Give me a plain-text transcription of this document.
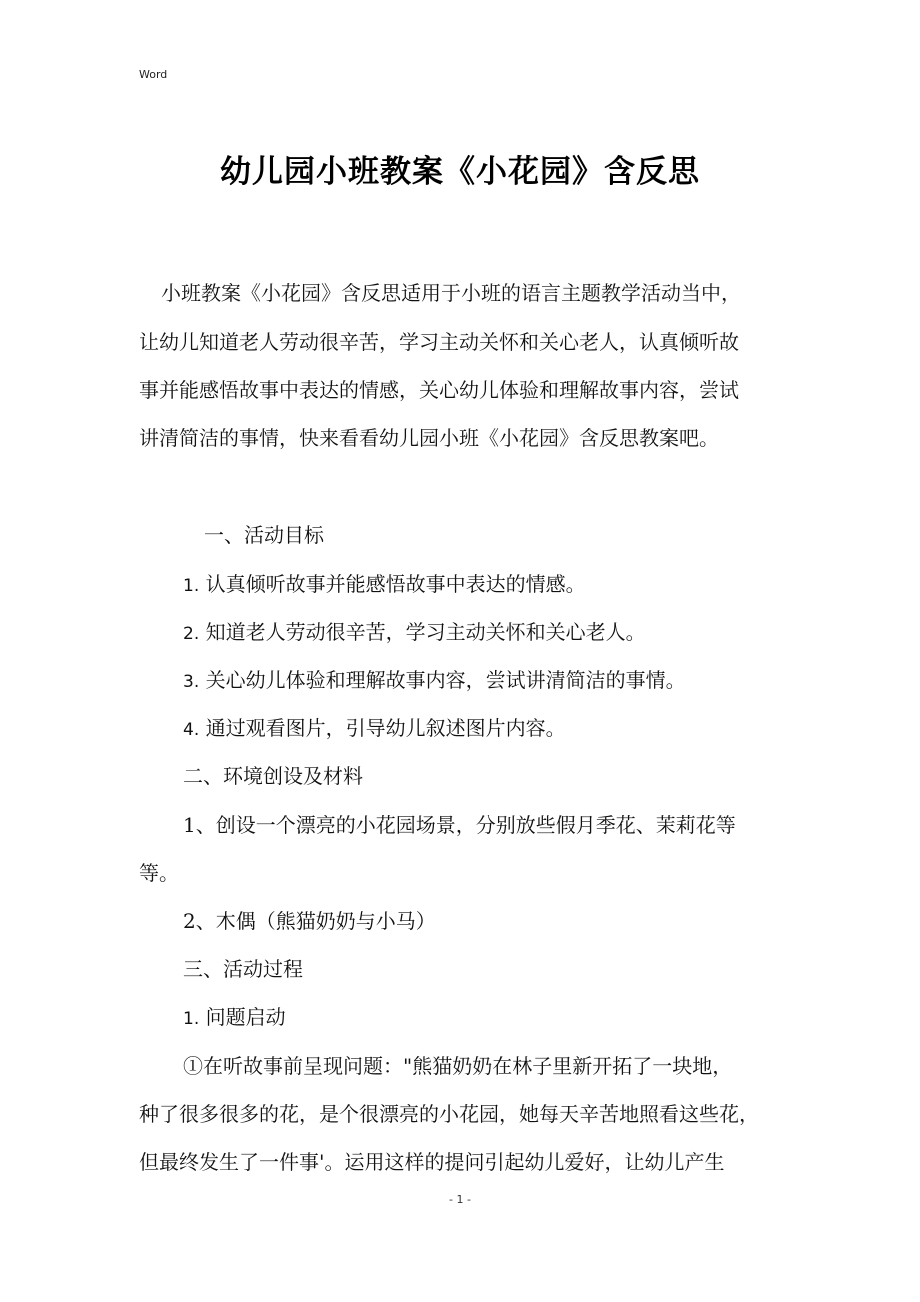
Word
幼儿园小班教案《小花园》含反思
小班教案《小花园》含反思适用于小班的语言主题教学活动当中，
让幼儿知道老人劳动很辛苦，学习主动关怀和关心老人，认真倾听故
事并能感悟故事中表达的情感，关心幼儿体验和理解故事内容，尝试
讲清简洁的事情，快来看看幼儿园小班《小花园》含反思教案吧。
一、活动目标
1. 认真倾听故事并能感悟故事中表达的情感。
2. 知道老人劳动很辛苦，学习主动关怀和关心老人。
3. 关心幼儿体验和理解故事内容，尝试讲清简洁的事情。
4. 通过观看图片，引导幼儿叙述图片内容。
二、环境创设及材料
1、创设一个漂亮的小花园场景，分别放些假月季花、茉莉花等
等。
2、木偶（熊猫奶奶与小马）
三、活动过程
1. 问题启动
①在听故事前呈现问题："熊猫奶奶在林子里新开拓了一块地，
种了很多很多的花，是个很漂亮的小花园，她每天辛苦地照看这些花，
但最终发生了一件事'。运用这样的提问引起幼儿爱好，让幼儿产生
- 1 -
